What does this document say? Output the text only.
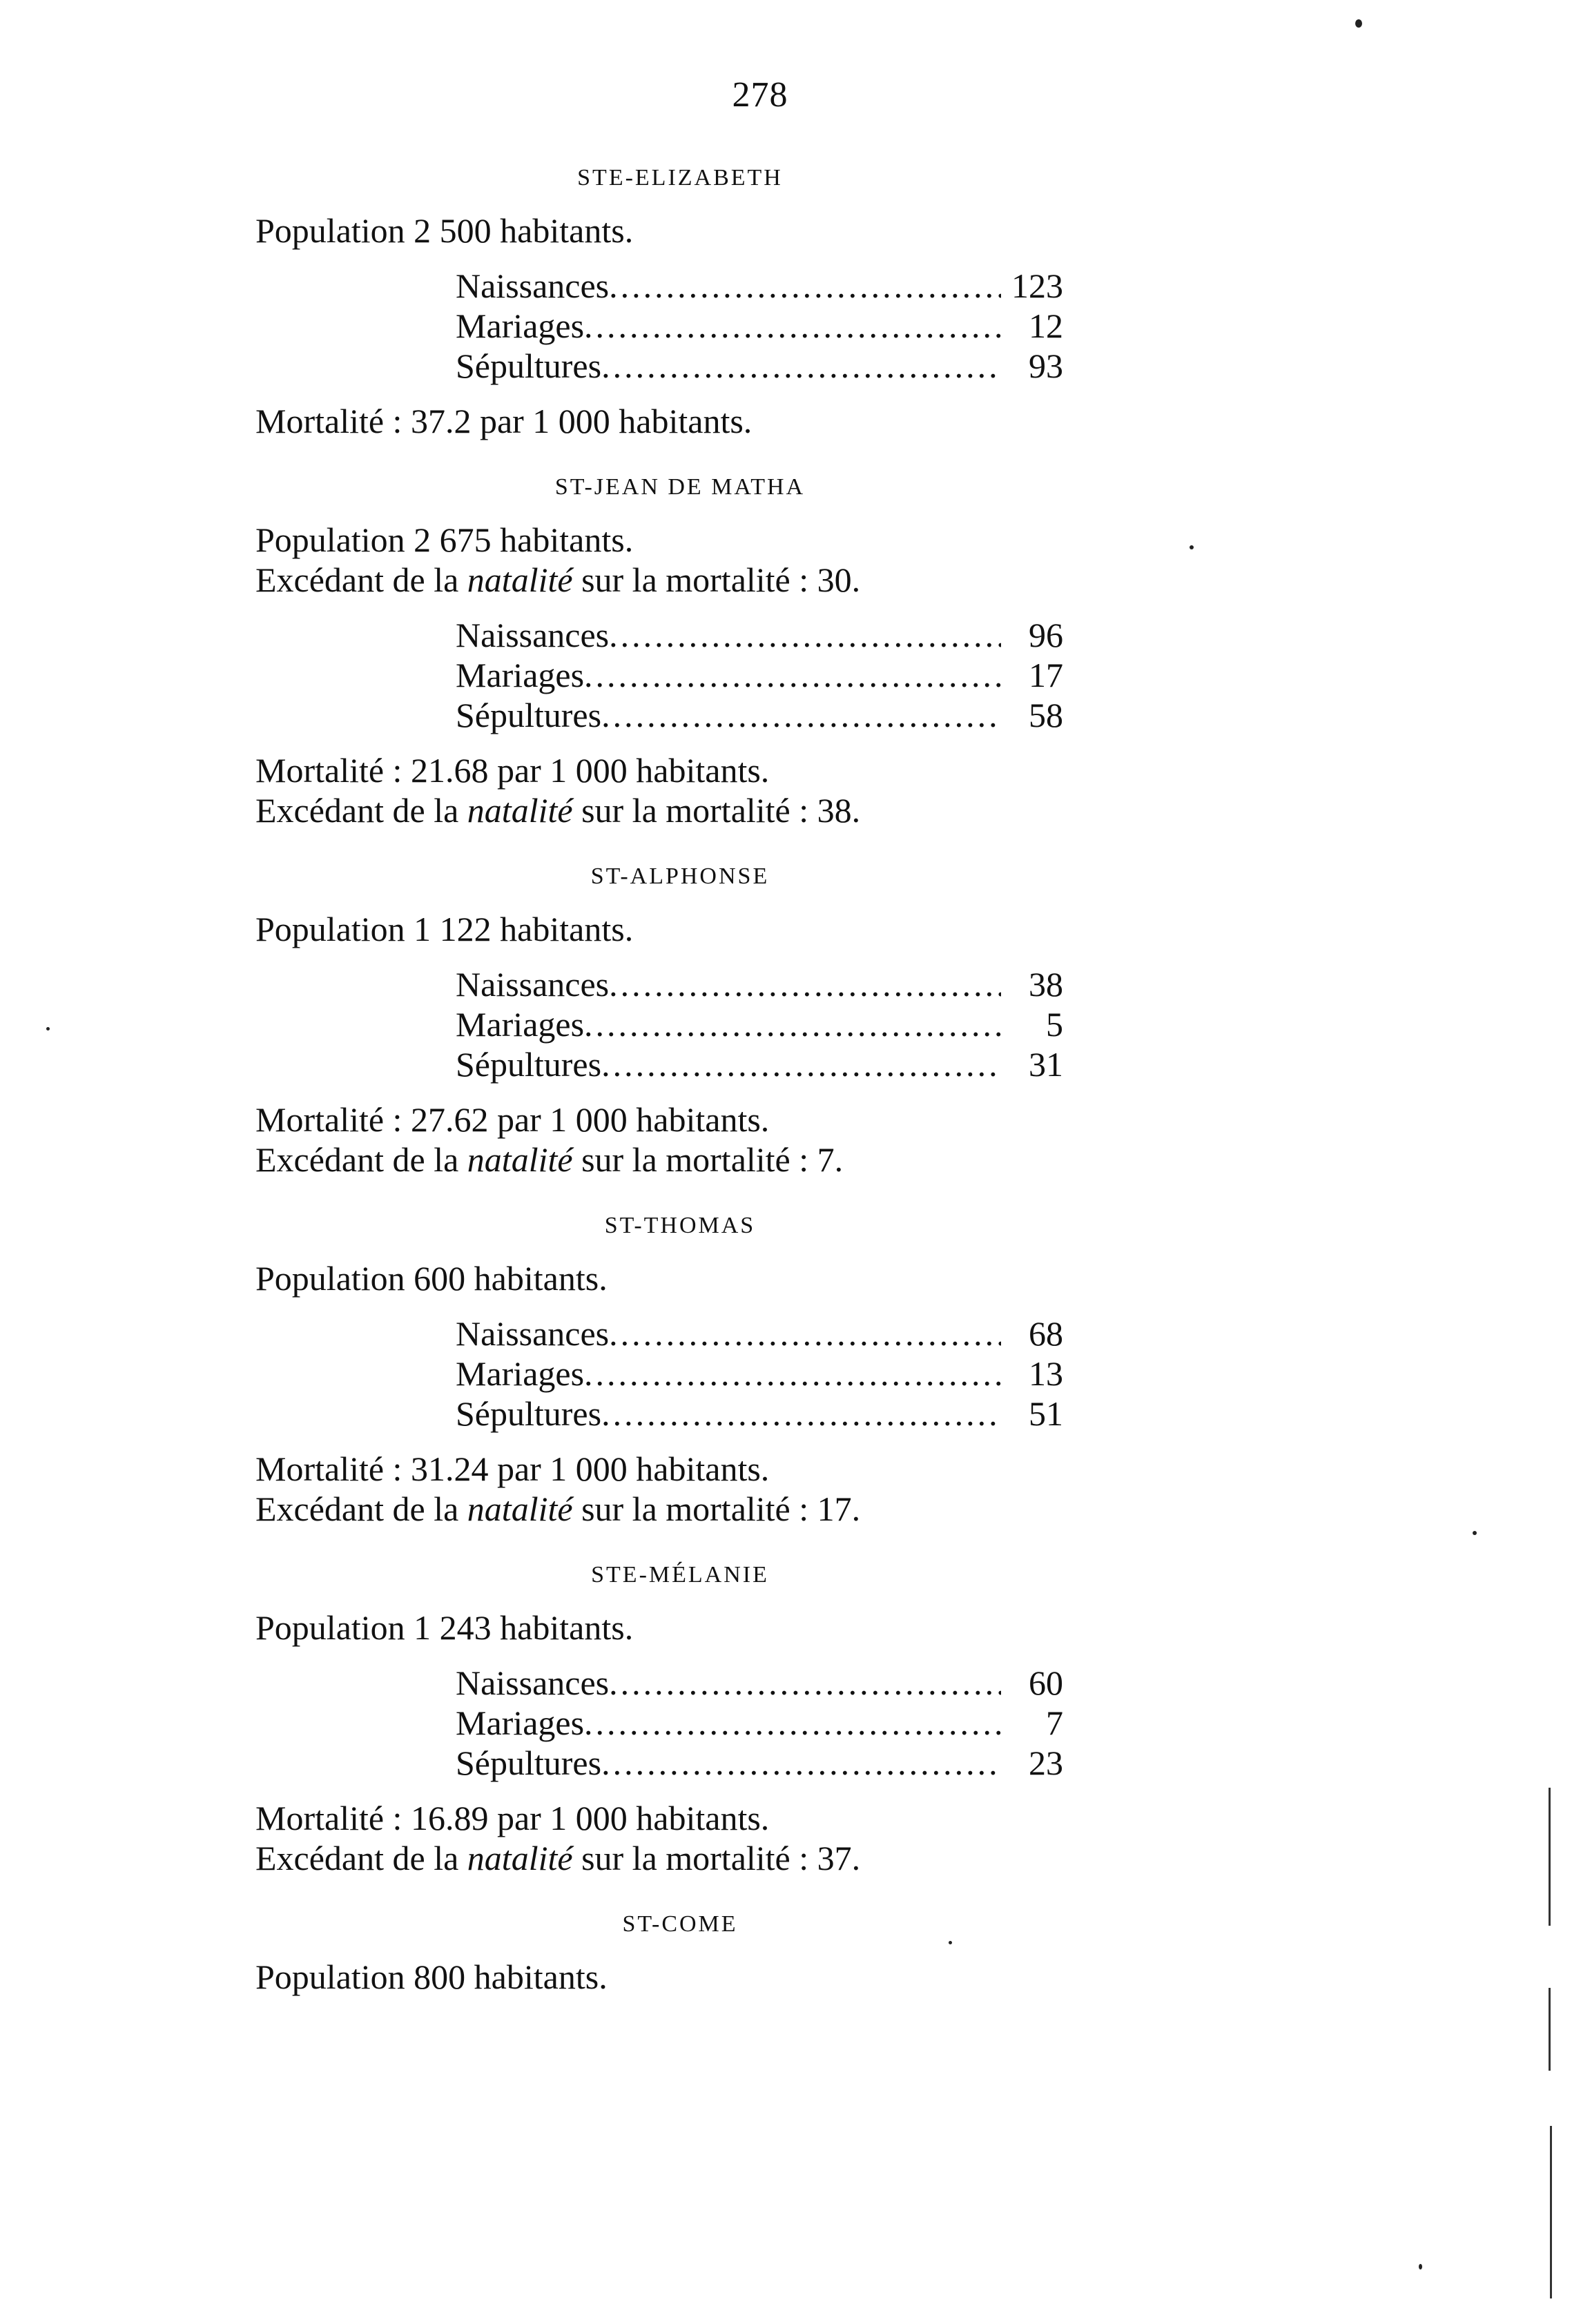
278
STE-ELIZABETH
Population 2 500 habitants.
Naissances .....	123
Mariages .....	12
Sépultures .....	93
Mortalité : 37.2 par 1 000 habitants.
ST-JEAN DE MATHA
Population 2 675 habitants.
Excédant de la natalité sur la mortalité : 30.
Naissances .....	96
Mariages .....	17
Sépultures .....	58
Mortalité : 21.68 par 1 000 habitants.
Excédant de la natalité sur la mortalité : 38.
ST-ALPHONSE
Population 1 122 habitants.
Naissances .....	38
Mariages .....	5
Sépultures .....	31
Mortalité : 27.62 par 1 000 habitants.
Excédant de la natalité sur la mortalité : 7.
ST-THOMAS
Population 600 habitants.
Naissances .....	68
Mariages .....	13
Sépultures .....	51
Mortalité : 31.24 par 1 000 habitants.
Excédant de la natalité sur la mortalité : 17.
STE-MÉLANIE
Population 1 243 habitants.
Naissances .....	60
Mariages .....	7
Sépultures .....	23
Mortalité : 16.89 par 1 000 habitants.
Excédant de la natalité sur la mortalité : 37.
ST-COME
Population 800 habitants.
